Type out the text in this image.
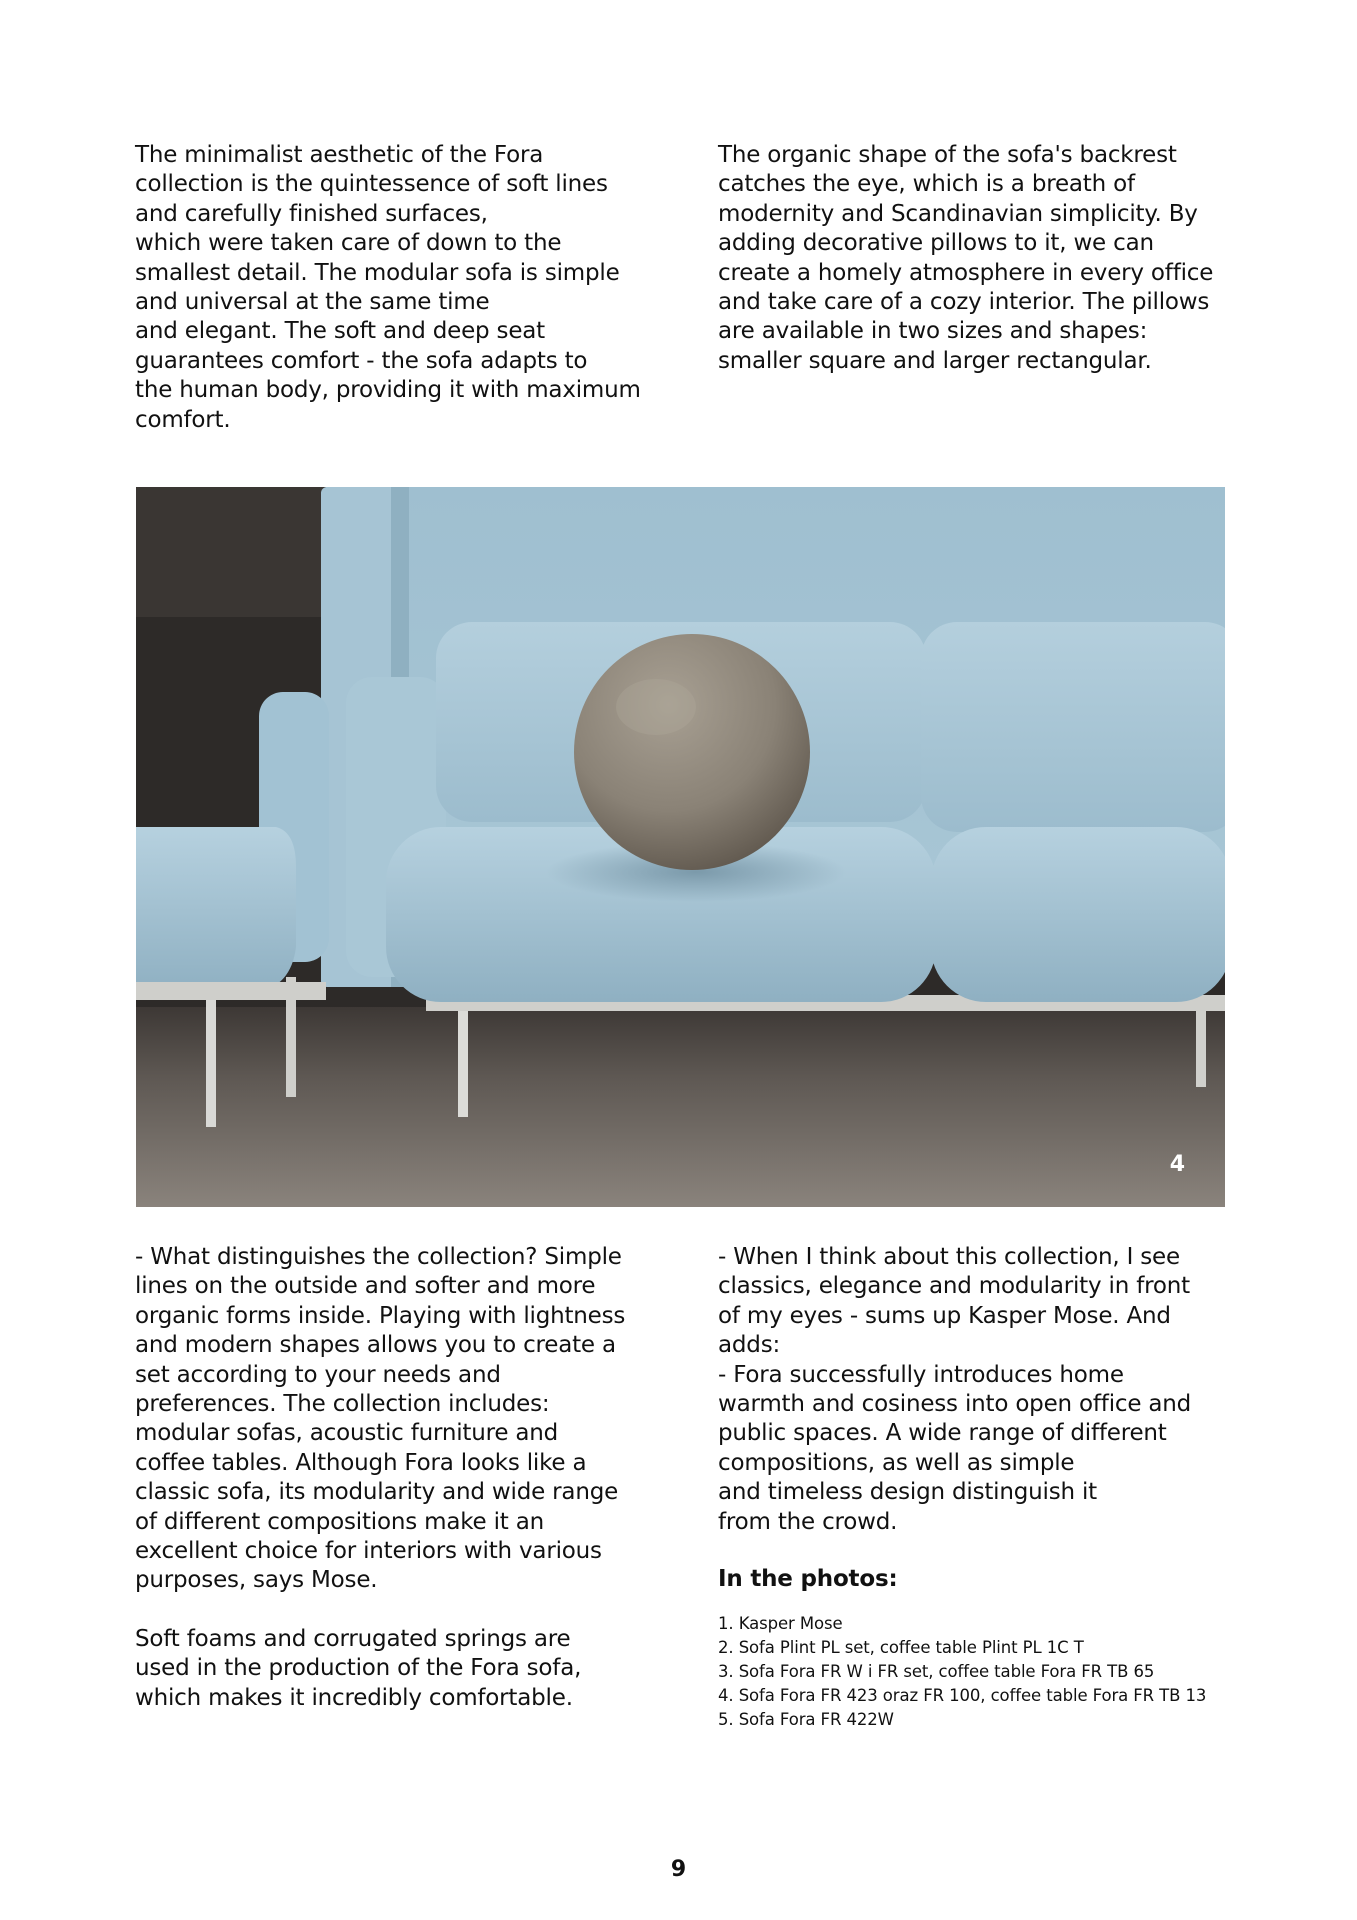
The minimalist aesthetic of the Fora
collection is the quintessence of soft lines
and carefully finished surfaces,
which were taken care of down to the
smallest detail. The modular sofa is simple
and universal at the same time
and elegant. The soft and deep seat
guarantees comfort - the sofa adapts to
the human body, providing it with maximum
comfort.

The organic shape of the sofa's backrest
catches the eye, which is a breath of
modernity and Scandinavian simplicity. By
adding decorative pillows to it, we can
create a homely atmosphere in every office
and take care of a cozy interior. The pillows
are available in two sizes and shapes:
smaller square and larger rectangular.

4

- What distinguishes the collection? Simple
lines on the outside and softer and more
organic forms inside. Playing with lightness
and modern shapes allows you to create a
set according to your needs and
preferences. The collection includes:
modular sofas, acoustic furniture and
coffee tables. Although Fora looks like a
classic sofa, its modularity and wide range
of different compositions make it an
excellent choice for interiors with various
purposes, says Mose.

Soft foams and corrugated springs are
used in the production of the Fora sofa,
which makes it incredibly comfortable.

- When I think about this collection, I see
classics, elegance and modularity in front
of my eyes - sums up Kasper Mose. And
adds:
- Fora successfully introduces home
warmth and cosiness into open office and
public spaces. A wide range of different
compositions, as well as simple
and timeless design distinguish it
from the crowd.

In the photos:

1. Kasper Mose
2. Sofa Plint PL set, coffee table Plint PL 1C T
3. Sofa Fora FR W i FR set, coffee table Fora FR TB 65
4. Sofa Fora FR 423 oraz FR 100, coffee table Fora FR TB 13
5. Sofa Fora FR 422W
9
